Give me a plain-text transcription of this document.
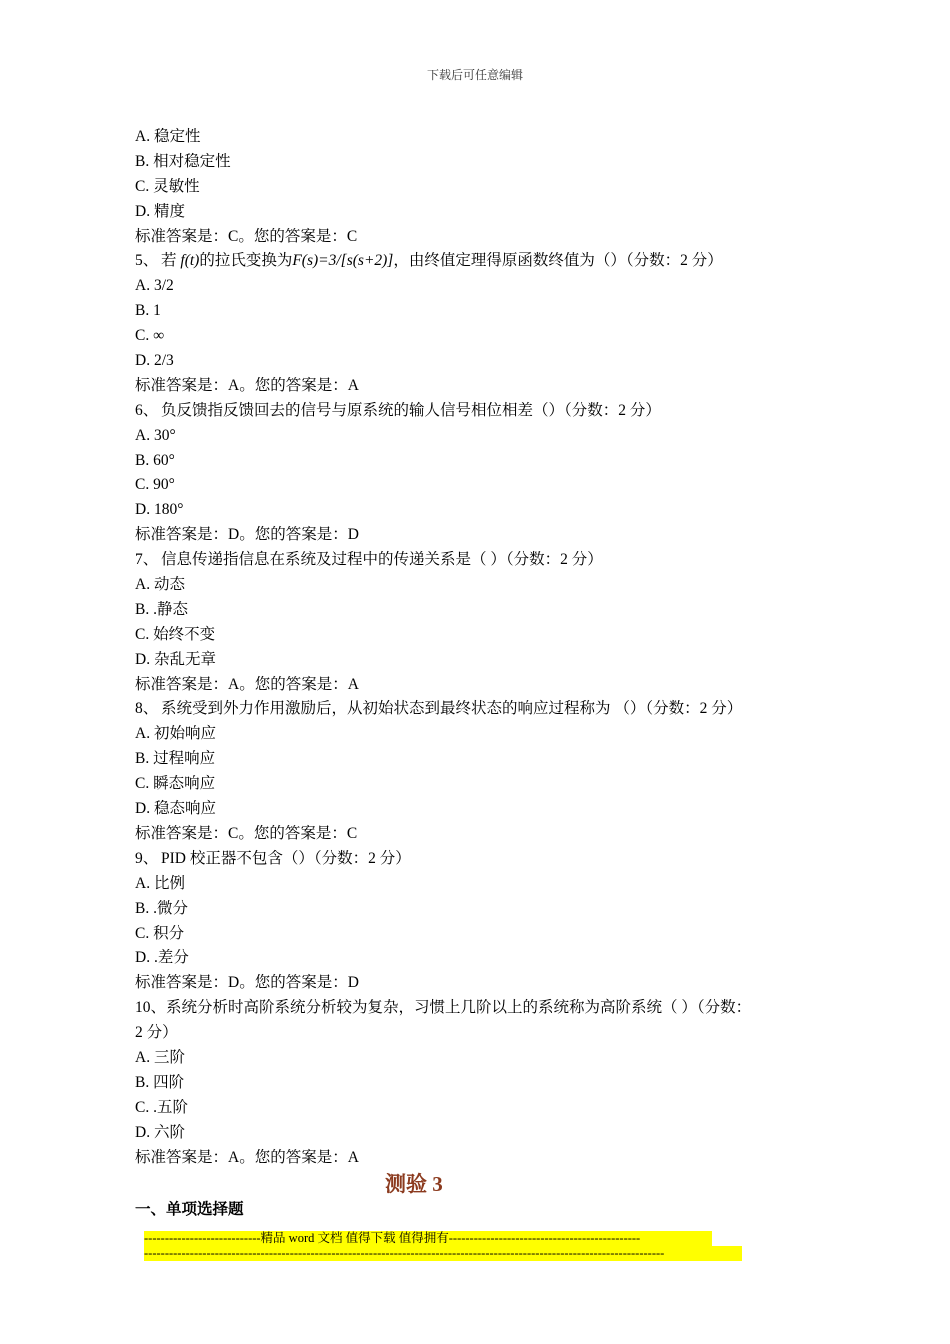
下载后可任意编辑
A. 稳定性
B. 相对稳定性
C. 灵敏性
D. 精度
标准答案是：C。您的答案是：C
5、 若 f(t)的拉氏变换为F(s)=3/[s(s+2)]，由终值定理得原函数终值为（）（分数：2 分）
A. 3/2
B. 1
C. ∞
D. 2/3
标准答案是：A。您的答案是：A
6、 负反馈指反馈回去的信号与原系统的输人信号相位相差（）（分数：2 分）
A. 30°
B. 60°
C. 90°
D. 180°
标准答案是：D。您的答案是：D
7、 信息传递指信息在系统及过程中的传递关系是（ ）（分数：2 分）
A. 动态
B. .静态
C. 始终不变
D. 杂乱无章
标准答案是：A。您的答案是：A
8、 系统受到外力作用激励后，从初始状态到最终状态的响应过程称为 （）（分数：2 分）
A. 初始响应
B. 过程响应
C. 瞬态响应
D. 稳态响应
标准答案是：C。您的答案是：C
9、 PID 校正器不包含（）（分数：2 分）
A. 比例
B. .微分
C. 积分
D. .差分
标准答案是：D。您的答案是：D
10、系统分析时高阶系统分析较为复杂，习惯上几阶以上的系统称为高阶系统（ ）（分数：
2 分）
A. 三阶
B. 四阶
C. .五阶
D. 六阶
标准答案是：A。您的答案是：A
测验 3
一、单项选择题
----------------------------精品 word 文档 值得下载 值得拥有----------------------------------------------
-----------------------------------------------------------------------------------------------------------------------------
